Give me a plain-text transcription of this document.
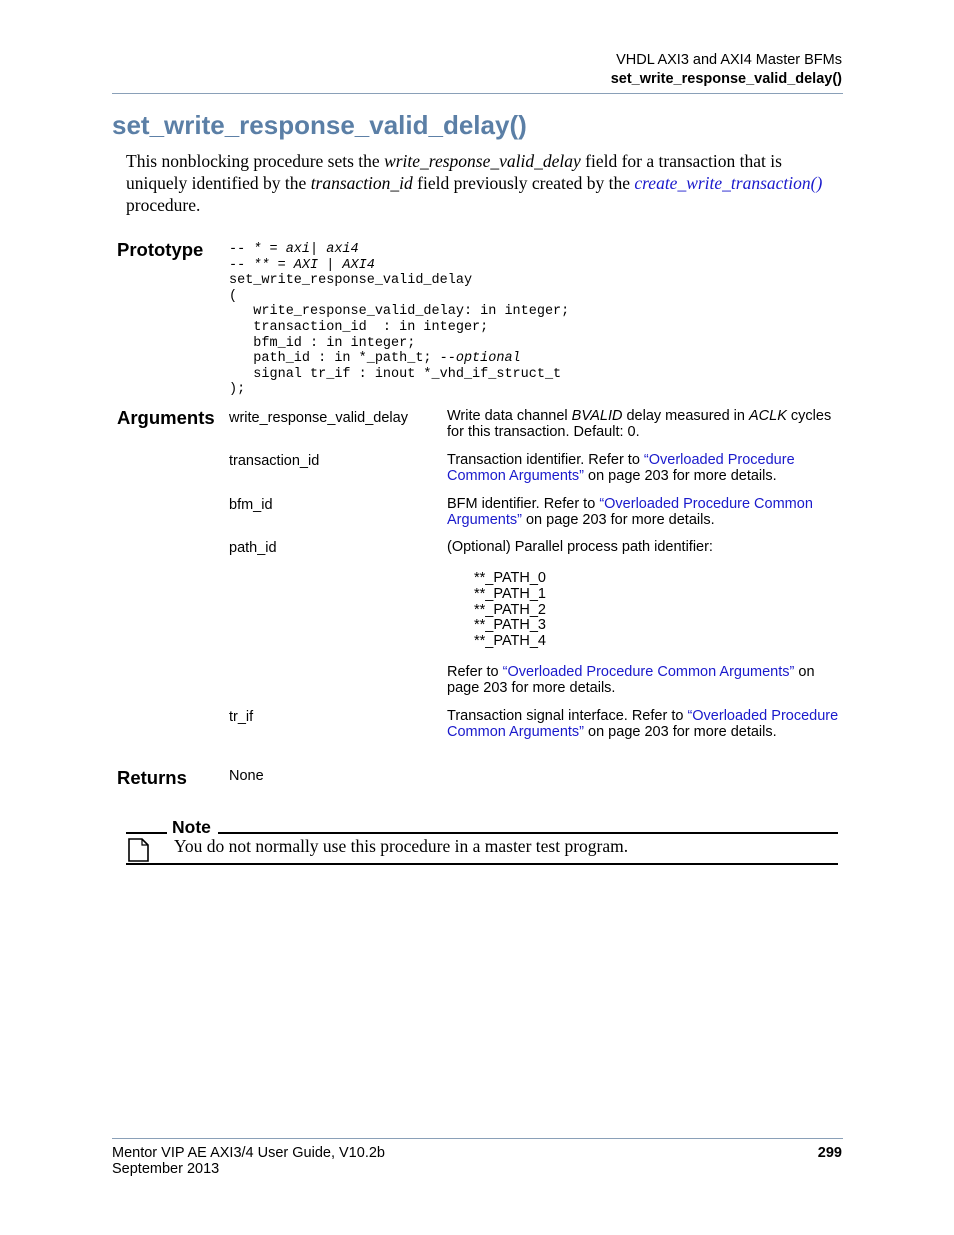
VHDL AXI3 and AXI4 Master BFMs
set_write_response_valid_delay()
set_write_response_valid_delay()
This nonblocking procedure sets the write_response_valid_delay field for a transaction that is uniquely identified by the transaction_id field previously created by the create_write_transaction() procedure.
Prototype -- * = axi| axi4
-- ** = AXI | AXI4
set_write_response_valid_delay
(
write_response_valid_delay: in integer;
transaction_id  : in integer;
bfm_id : in integer;
path_id : in *_path_t; --optional
signal tr_if : inout *_vhd_if_struct_t
);
Arguments write_response_valid_delay	Write data channel BVALID delay measured in ACLK cycles for this transaction. Default: 0.
transaction_id	Transaction identifier. Refer to “Overloaded Procedure Common Arguments” on page 203 for more details.
bfm_id	BFM identifier. Refer to “Overloaded Procedure Common Arguments” on page 203 for more details.
path_id	(Optional) Parallel process path identifier:
**_PATH_0
**_PATH_1
**_PATH_2
**_PATH_3
**_PATH_4
Refer to “Overloaded Procedure Common Arguments” on page 203 for more details.
tr_if	Transaction signal interface. Refer to “Overloaded Procedure Common Arguments” on page 203 for more details.
Returns	None
Note
You do not normally use this procedure in a master test program.
Mentor VIP AE AXI3/4 User Guide, V10.2b
September 2013
299
